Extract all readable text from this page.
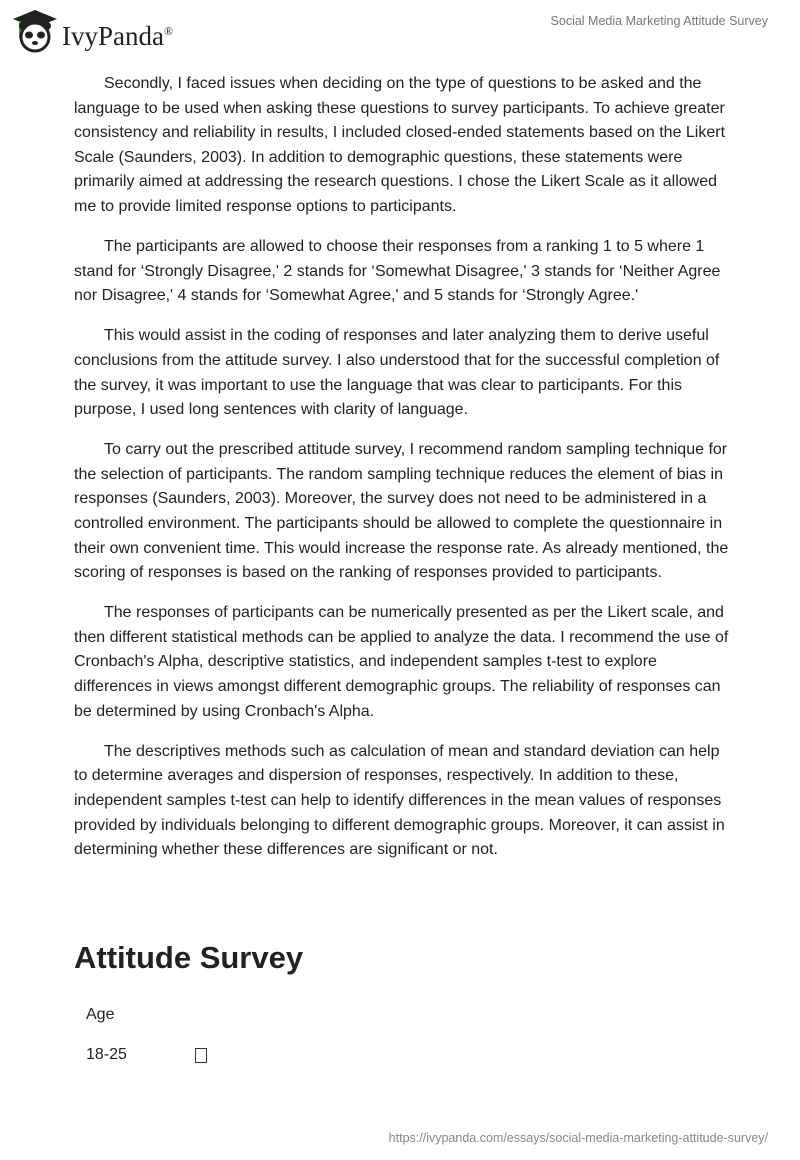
IvyPanda®
Social Media Marketing Attitude Survey

Secondly, I faced issues when deciding on the type of questions to be asked and the language to be used when asking these questions to survey participants. To achieve greater consistency and reliability in results, I included closed-ended statements based on the Likert Scale (Saunders, 2003). In addition to demographic questions, these statements were primarily aimed at addressing the research questions. I chose the Likert Scale as it allowed me to provide limited response options to participants.

The participants are allowed to choose their responses from a ranking 1 to 5 where 1 stand for ‘Strongly Disagree,' 2 stands for ‘Somewhat Disagree,' 3 stands for ‘Neither Agree nor Disagree,' 4 stands for ‘Somewhat Agree,' and 5 stands for ‘Strongly Agree.'

This would assist in the coding of responses and later analyzing them to derive useful conclusions from the attitude survey. I also understood that for the successful completion of the survey, it was important to use the language that was clear to participants. For this purpose, I used long sentences with clarity of language.

To carry out the prescribed attitude survey, I recommend random sampling technique for the selection of participants. The random sampling technique reduces the element of bias in responses (Saunders, 2003). Moreover, the survey does not need to be administered in a controlled environment. The participants should be allowed to complete the questionnaire in their own convenient time. This would increase the response rate. As already mentioned, the scoring of responses is based on the ranking of responses provided to participants.

The responses of participants can be numerically presented as per the Likert scale, and then different statistical methods can be applied to analyze the data. I recommend the use of Cronbach's Alpha, descriptive statistics, and independent samples t-test to explore differences in views amongst different demographic groups. The reliability of responses can be determined by using Cronbach's Alpha.

The descriptives methods such as calculation of mean and standard deviation can help to determine averages and dispersion of responses, respectively. In addition to these, independent samples t-test can help to identify differences in the mean values of responses provided by individuals belonging to different demographic groups. Moreover, it can assist in determining whether these differences are significant or not.

Attitude Survey
Age
18-25
https://ivypanda.com/essays/social-media-marketing-attitude-survey/
